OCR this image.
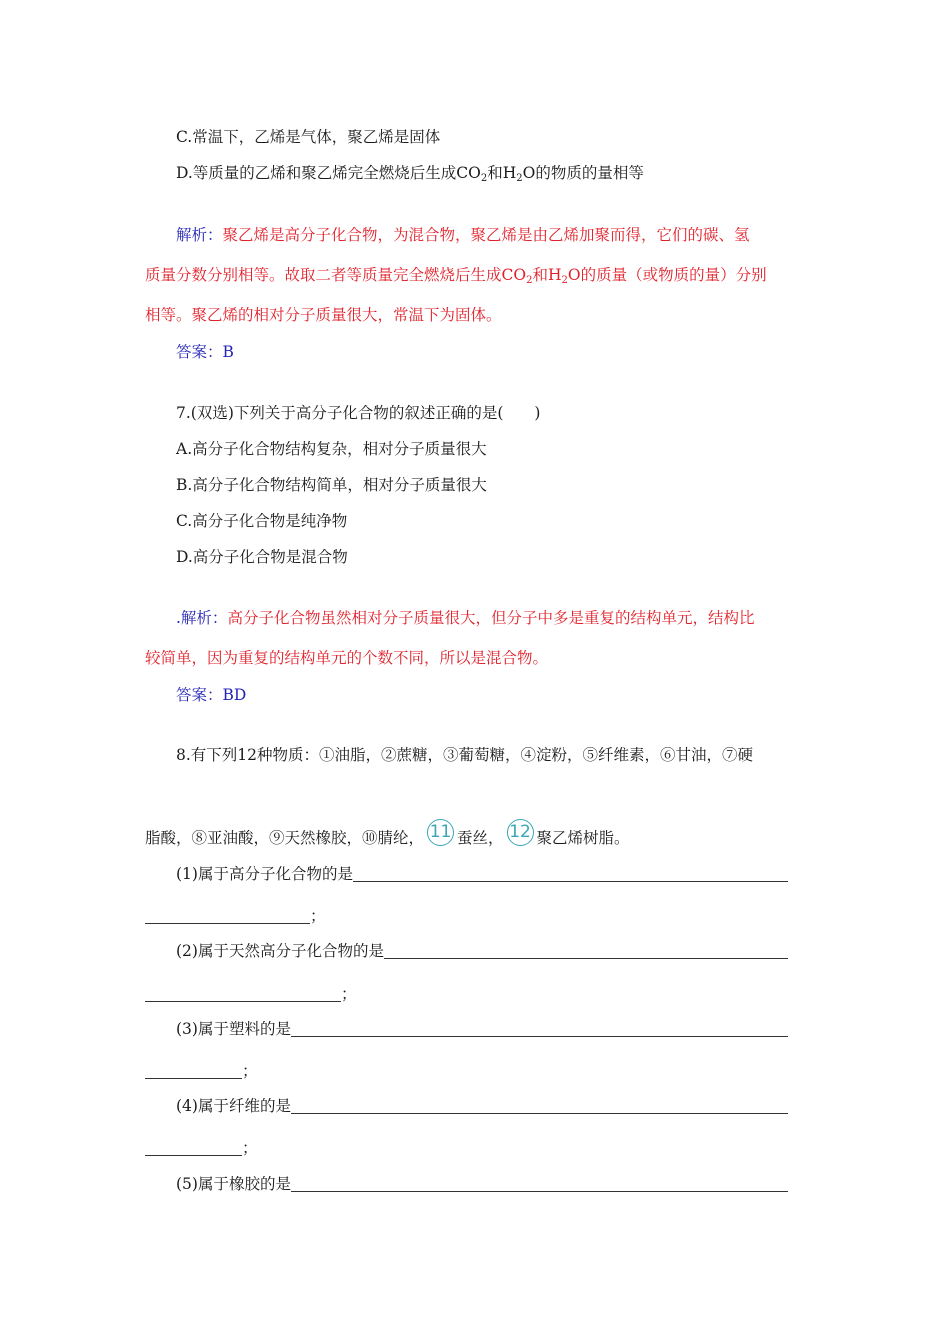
C.常温下，乙烯是气体，聚乙烯是固体
D.等质量的乙烯和聚乙烯完全燃烧后生成$CO_2$和$H_2O$的物质的量相等
解析：聚乙烯是高分子化合物，为混合物，聚乙烯是由乙烯加聚而得，它们的碳、氢
质量分数分别相等。故取二者等质量完全燃烧后生成$CO_2$和$H_2O$的质量（或物质的量）分别
相等。聚乙烯的相对分子质量很大，常温下为固体。
答案：B
7.(双选)下列关于高分子化合物的叙述正确的是(　　)
A.高分子化合物结构复杂，相对分子质量很大
B.高分子化合物结构简单，相对分子质量很大
C.高分子化合物是纯净物
D.高分子化合物是混合物
.解析：高分子化合物虽然相对分子质量很大，但分子中多是重复的结构单元，结构比
较简单，因为重复的结构单元的个数不同，所以是混合物。
答案：BD
8.有下列12种物质：①油脂，②蔗糖，③葡萄糖，④淀粉，⑤纤维素，⑥甘油，⑦硬
脂酸，⑧亚油酸，⑨天然橡胶，⑩腈纶， 11 蚕丝， 12 聚乙烯树脂。
(1)属于高分子化合物的是
；
(2)属于天然高分子化合物的是
；
(3)属于塑料的是
；
(4)属于纤维的是
；
(5)属于橡胶的是
